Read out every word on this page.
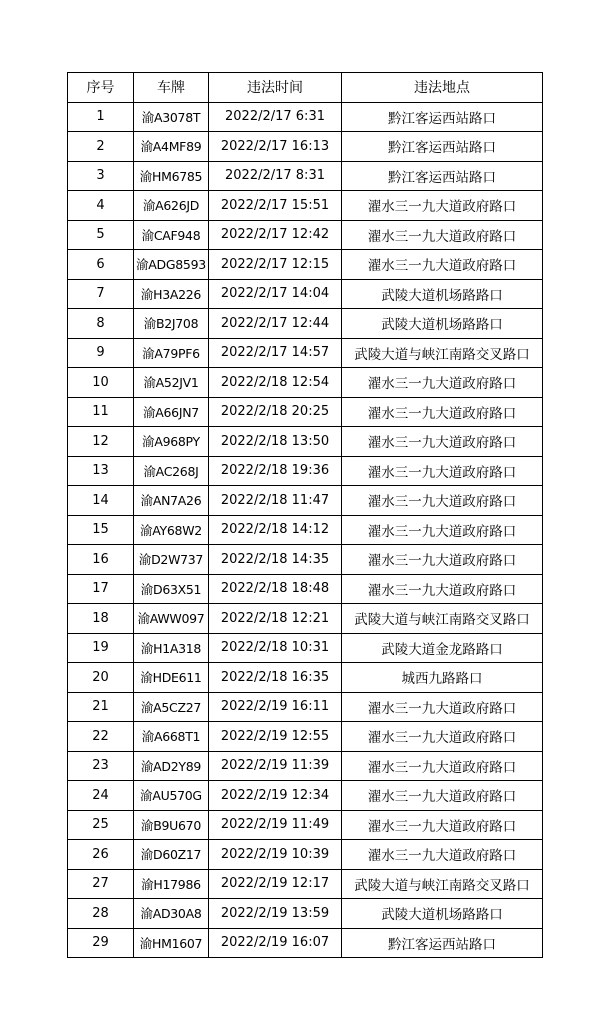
序号	车牌	违法时间	违法地点
1	渝A3078T	2022/2/17 6:31	黔江客运西站路口
2	渝A4MF89	2022/2/17 16:13	黔江客运西站路口
3	渝HM6785	2022/2/17 8:31	黔江客运西站路口
4	渝A626JD	2022/2/17 15:51	濯水三一九大道政府路口
5	渝CAF948	2022/2/17 12:42	濯水三一九大道政府路口
6	渝ADG8593	2022/2/17 12:15	濯水三一九大道政府路口
7	渝H3A226	2022/2/17 14:04	武陵大道机场路路口
8	渝B2J708	2022/2/17 12:44	武陵大道机场路路口
9	渝A79PF6	2022/2/17 14:57	武陵大道与峡江南路交叉路口
10	渝A52JV1	2022/2/18 12:54	濯水三一九大道政府路口
11	渝A66JN7	2022/2/18 20:25	濯水三一九大道政府路口
12	渝A968PY	2022/2/18 13:50	濯水三一九大道政府路口
13	渝AC268J	2022/2/18 19:36	濯水三一九大道政府路口
14	渝AN7A26	2022/2/18 11:47	濯水三一九大道政府路口
15	渝AY68W2	2022/2/18 14:12	濯水三一九大道政府路口
16	渝D2W737	2022/2/18 14:35	濯水三一九大道政府路口
17	渝D63X51	2022/2/18 18:48	濯水三一九大道政府路口
18	渝AWW097	2022/2/18 12:21	武陵大道与峡江南路交叉路口
19	渝H1A318	2022/2/18 10:31	武陵大道金龙路路口
20	渝HDE611	2022/2/18 16:35	城西九路路口
21	渝A5CZ27	2022/2/19 16:11	濯水三一九大道政府路口
22	渝A668T1	2022/2/19 12:55	濯水三一九大道政府路口
23	渝AD2Y89	2022/2/19 11:39	濯水三一九大道政府路口
24	渝AU570G	2022/2/19 12:34	濯水三一九大道政府路口
25	渝B9U670	2022/2/19 11:49	濯水三一九大道政府路口
26	渝D60Z17	2022/2/19 10:39	濯水三一九大道政府路口
27	渝H17986	2022/2/19 12:17	武陵大道与峡江南路交叉路口
28	渝AD30A8	2022/2/19 13:59	武陵大道机场路路口
29	渝HM1607	2022/2/19 16:07	黔江客运西站路口
